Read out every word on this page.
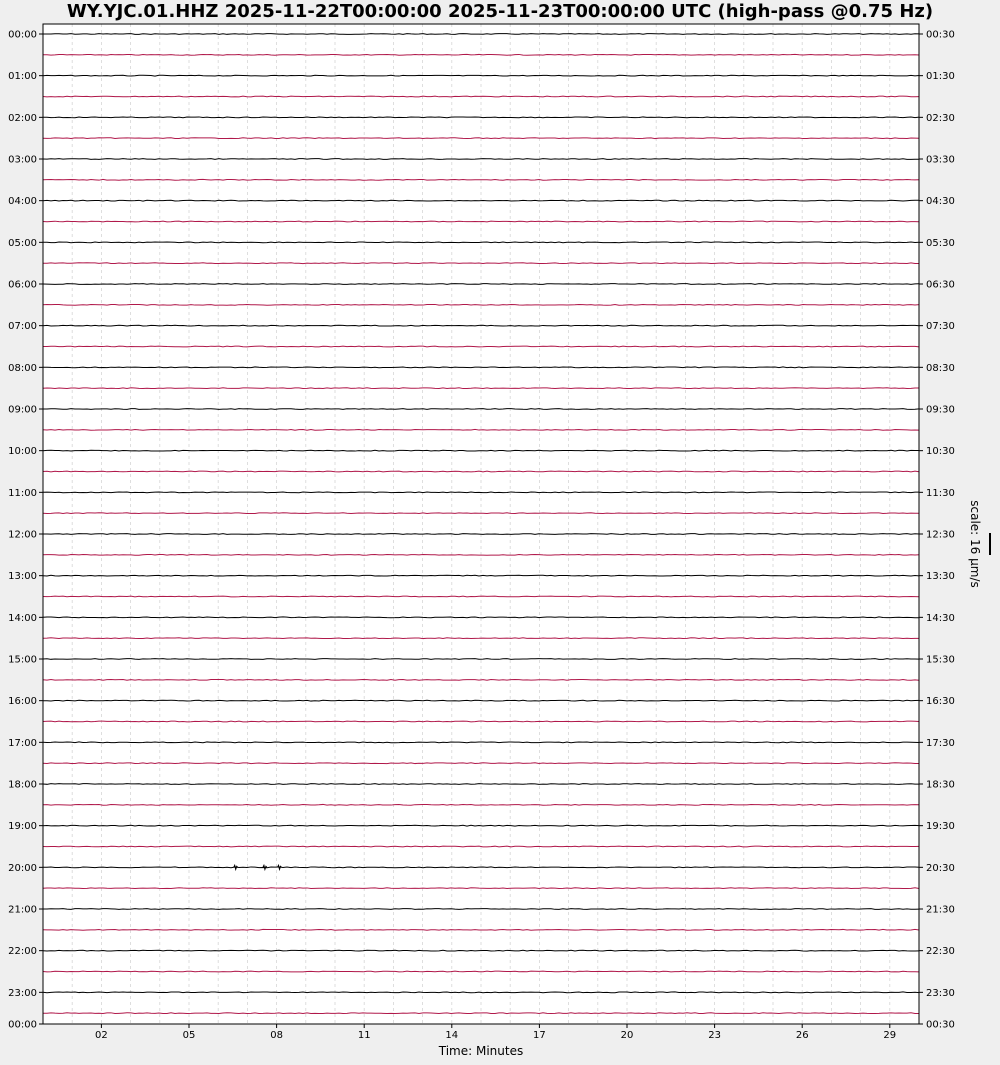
WY.YJC.01.HHZ 2025-11-22T00:00:00 2025-11-23T00:00:00 UTC (high-pass @0.75 Hz)
00:00
01:00
02:00
03:00
04:00
05:00
06:00
07:00
08:00
09:00
10:00
11:00
12:00
13:00
14:00
15:00
16:00
17:00
18:00
19:00
20:00
21:00
22:00
23:00
00:00
00:30
01:30
02:30
03:30
04:30
05:30
06:30
07:30
08:30
09:30
10:30
11:30
12:30
13:30
14:30
15:30
16:30
17:30
18:30
19:30
20:30
21:30
22:30
23:30
00:30
02	05	08	11	14	17	20	23	26	29
Time: Minutes
scale: 16 µm/s
